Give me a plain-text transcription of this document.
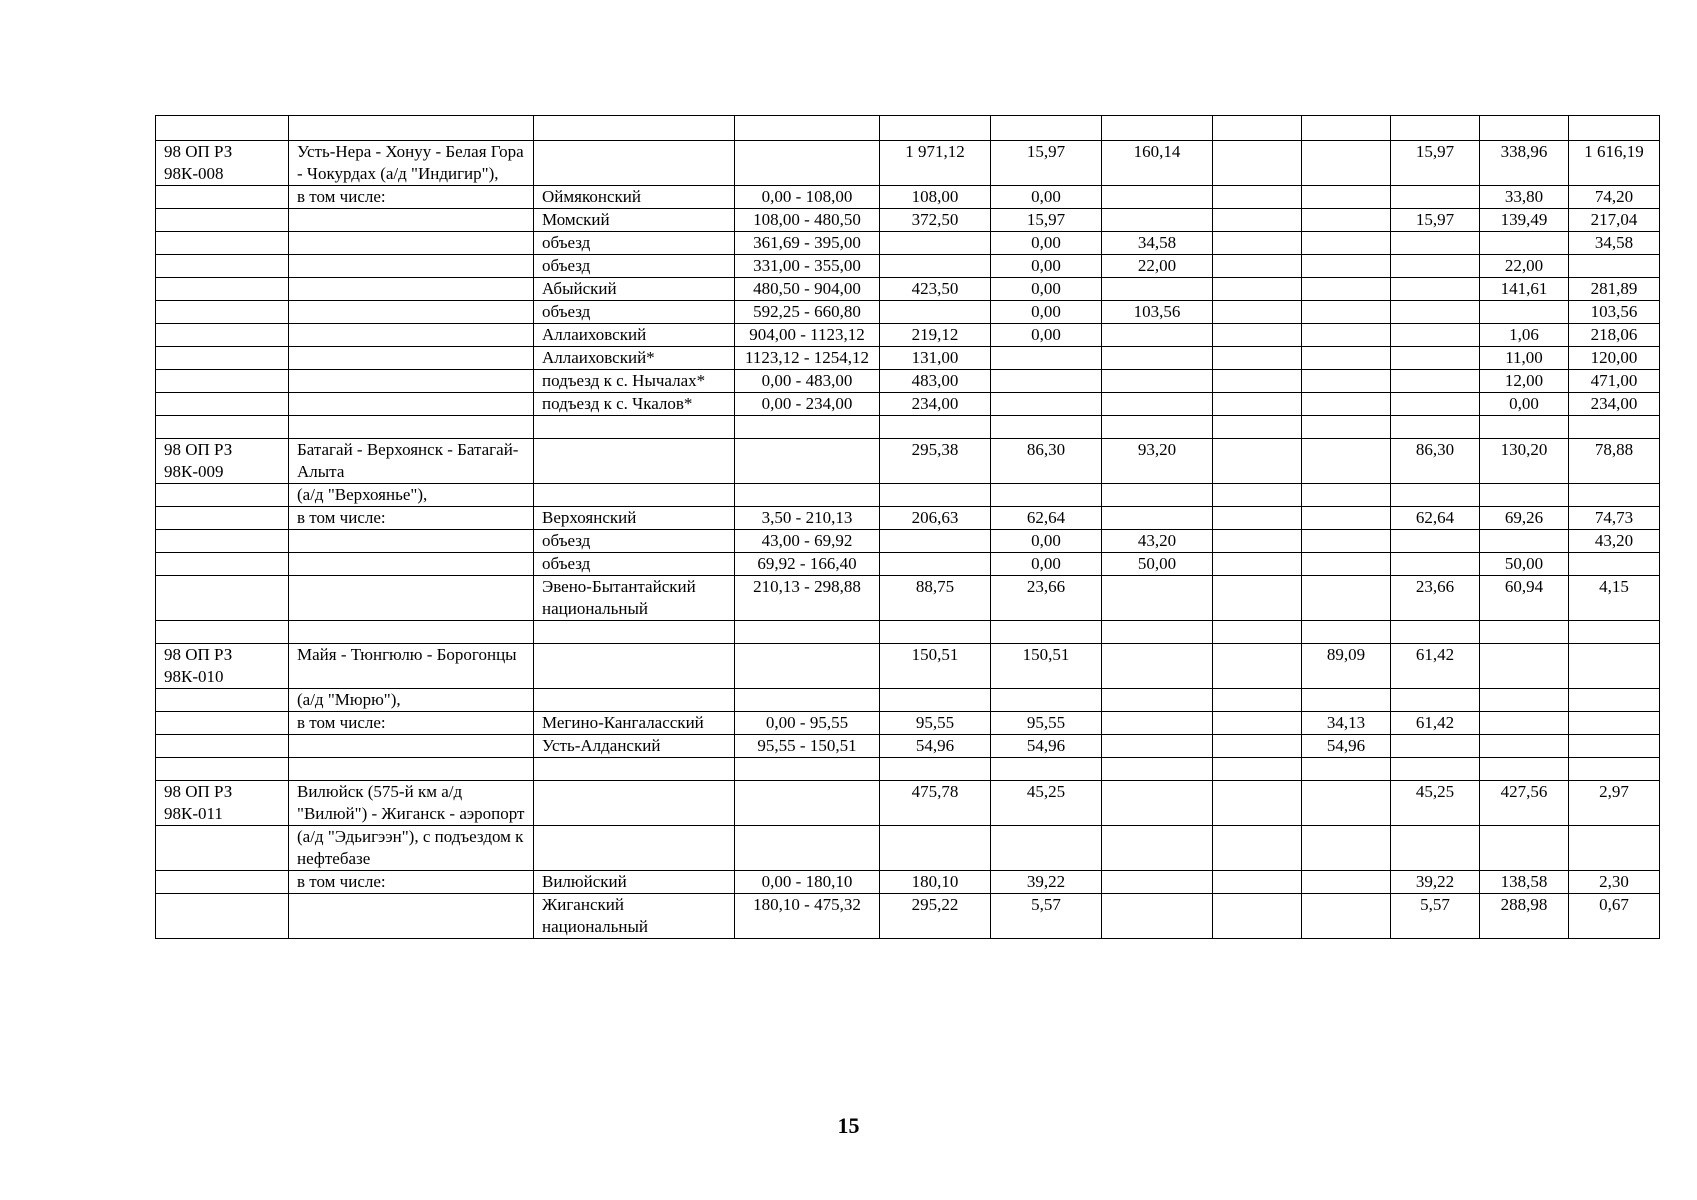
98 ОП РЗ 98К-008	Усть-Нера - Хонуу - Белая Гора - Чокурдах (а/д "Индигир"),			1 971,12	15,97	160,14			15,97	338,96	1 616,19
	в том числе:	Оймяконский	0,00 - 108,00	108,00	0,00					33,80	74,20
		Момский	108,00 - 480,50	372,50	15,97				15,97	139,49	217,04
		объезд	361,69 - 395,00		0,00	34,58					34,58
		объезд	331,00 - 355,00		0,00	22,00				22,00	
		Абыйский	480,50 - 904,00	423,50	0,00					141,61	281,89
		объезд	592,25 - 660,80		0,00	103,56					103,56
		Аллаиховский	904,00 - 1123,12	219,12	0,00					1,06	218,06
		Аллаиховский*	1123,12 - 1254,12	131,00						11,00	120,00
		подъезд к с. Нычалах*	0,00 - 483,00	483,00						12,00	471,00
		подъезд к с. Чкалов*	0,00 - 234,00	234,00						0,00	234,00

98 ОП РЗ 98К-009	Батагай - Верхоянск - Батагай-Алыта			295,38	86,30	93,20			86,30	130,20	78,88
	(а/д "Верхоянье"),										
	в том числе:	Верхоянский	3,50 - 210,13	206,63	62,64				62,64	69,26	74,73
		объезд	43,00 - 69,92		0,00	43,20					43,20
		объезд	69,92 - 166,40		0,00	50,00				50,00	
		Эвено-Бытантайский национальный	210,13 - 298,88	88,75	23,66				23,66	60,94	4,15

98 ОП РЗ 98К-010	Майя - Тюнгюлю - Борогонцы			150,51	150,51			89,09	61,42		
	(а/д "Мюрю"),										
	в том числе:	Мегино-Кангаласский	0,00 - 95,55	95,55	95,55			34,13	61,42		
		Усть-Алданский	95,55 - 150,51	54,96	54,96			54,96			

98 ОП РЗ 98К-011	Вилюйск (575-й км а/д "Вилюй") - Жиганск - аэропорт			475,78	45,25				45,25	427,56	2,97
	(а/д "Эдьигээн"), с подъездом к нефтебазе										
	в том числе:	Вилюйский	0,00 - 180,10	180,10	39,22				39,22	138,58	2,30
		Жиганский национальный	180,10 - 475,32	295,22	5,57				5,57	288,98	0,67
15
